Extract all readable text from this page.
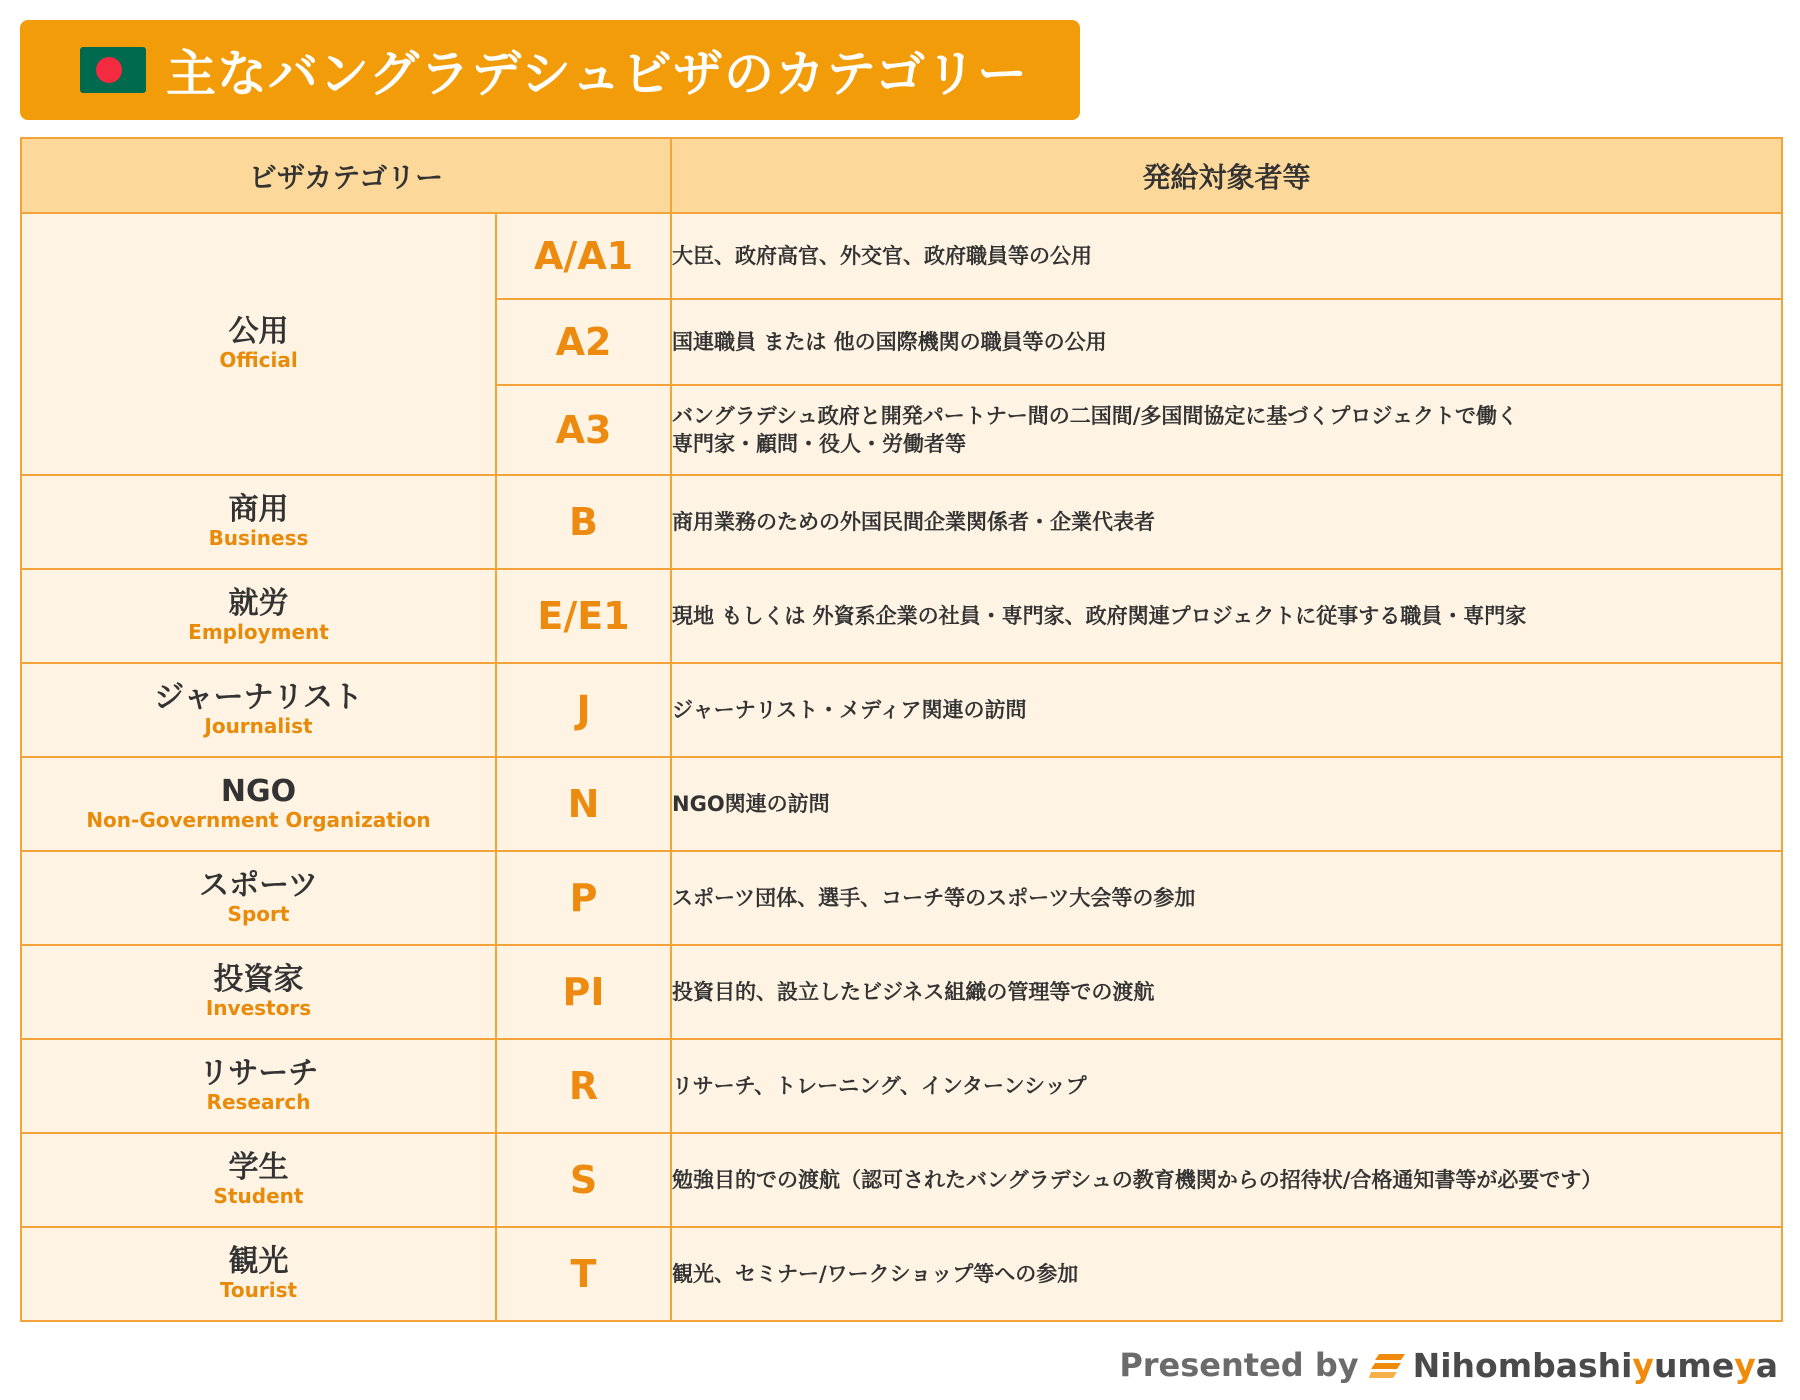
主なバングラデシュビザのカテゴリー
ビザカテゴリー		発給対象者等

公用
Official	A/A1	大臣、政府高官、外交官、政府職員等の公用
	A2	国連職員 または 他の国際機関の職員等の公用
	A3	バングラデシュ政府と開発パートナー間の二国間/多国間協定に基づくプロジェクトで働く
専門家・顧問・役人・労働者等

商用
Business	B	商用業務のための外国民間企業関係者・企業代表者

就労
Employment	E/E1	現地 もしくは 外資系企業の社員・専門家、政府関連プロジェクトに従事する職員・専門家

ジャーナリスト
Journalist	J	ジャーナリスト・メディア関連の訪問

NGO
Non-Government Organization	N	NGO関連の訪問

スポーツ
Sport	P	スポーツ団体、選手、コーチ等のスポーツ大会等の参加

投資家
Investors	PI	投資目的、設立したビジネス組織の管理等での渡航

リサーチ
Research	R	リサーチ、トレーニング、インターンシップ

学生
Student	S	勉強目的での渡航（認可されたバングラデシュの教育機関からの招待状/合格通知書等が必要です）

観光
Tourist	T	観光、セミナー/ワークショップ等への参加
Presented by Nihombashiyumeya
